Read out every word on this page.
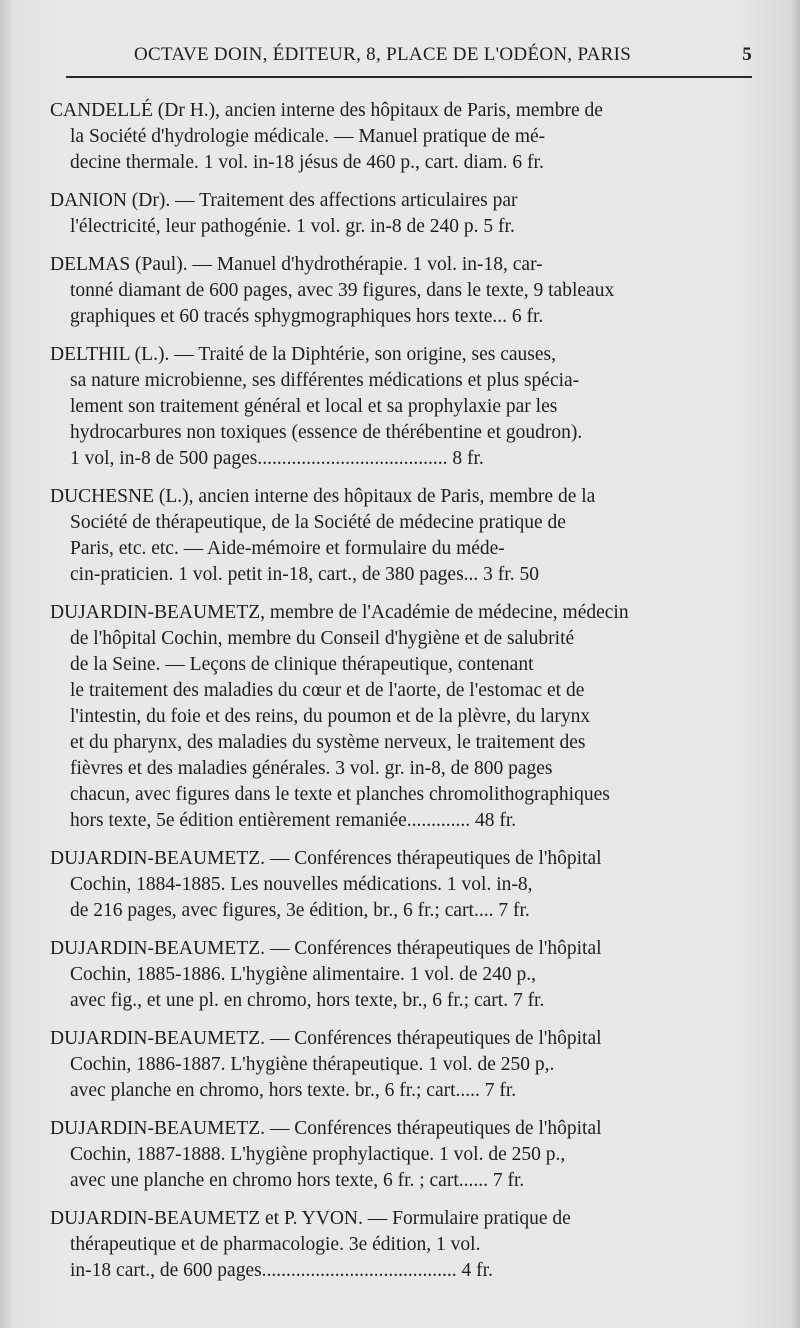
OCTAVE DOIN, ÉDITEUR, 8, PLACE DE L'ODÉON, PARIS	5
CANDELLÉ (Dr H.), ancien interne des hôpitaux de Paris, membre de
la Société d'hydrologie médicale. — Manuel pratique de mé-
decine thermale. 1 vol. in-18 jésus de 460 p., cart. diam. 6 fr.
DANION (Dr). — Traitement des affections articulaires par
l'électricité, leur pathogénie. 1 vol. gr. in-8 de 240 p. 5 fr.
DELMAS (Paul). — Manuel d'hydrothérapie. 1 vol. in-18, car-
tonné diamant de 600 pages, avec 39 figures, dans le texte, 9 tableaux
graphiques et 60 tracés sphygmographiques hors texte... 6 fr.
DELTHIL (L.). — Traité de la Diphtérie, son origine, ses causes,
sa nature microbienne, ses différentes médications et plus spécia-
lement son traitement général et local et sa prophylaxie par les
hydrocarbures non toxiques (essence de thérébentine et goudron).
1 vol, in-8 de 500 pages....................................... 8 fr.
DUCHESNE (L.), ancien interne des hôpitaux de Paris, membre de la
Société de thérapeutique, de la Société de médecine pratique de
Paris, etc. etc. — Aide-mémoire et formulaire du méde-
cin-praticien. 1 vol. petit in-18, cart., de 380 pages... 3 fr. 50
DUJARDIN-BEAUMETZ, membre de l'Académie de médecine, médecin
de l'hôpital Cochin, membre du Conseil d'hygiène et de salubrité
de la Seine. — Leçons de clinique thérapeutique, contenant
le traitement des maladies du cœur et de l'aorte, de l'estomac et de
l'intestin, du foie et des reins, du poumon et de la plèvre, du larynx
et du pharynx, des maladies du système nerveux, le traitement des
fièvres et des maladies générales. 3 vol. gr. in-8, de 800 pages
chacun, avec figures dans le texte et planches chromolithographiques
hors texte, 5e édition entièrement remaniée............. 48 fr.
DUJARDIN-BEAUMETZ. — Conférences thérapeutiques de l'hôpital
Cochin, 1884-1885. Les nouvelles médications. 1 vol. in-8,
de 216 pages, avec figures, 3e édition, br., 6 fr.; cart.... 7 fr.
DUJARDIN-BEAUMETZ. — Conférences thérapeutiques de l'hôpital
Cochin, 1885-1886. L'hygiène alimentaire. 1 vol. de 240 p.,
avec fig., et une pl. en chromo, hors texte, br., 6 fr.; cart. 7 fr.
DUJARDIN-BEAUMETZ. — Conférences thérapeutiques de l'hôpital
Cochin, 1886-1887. L'hygiène thérapeutique. 1 vol. de 250 p,.
avec planche en chromo, hors texte. br., 6 fr.; cart..... 7 fr.
DUJARDIN-BEAUMETZ. — Conférences thérapeutiques de l'hôpital
Cochin, 1887-1888. L'hygiène prophylactique. 1 vol. de 250 p.,
avec une planche en chromo hors texte, 6 fr. ; cart...... 7 fr.
DUJARDIN-BEAUMETZ et P. YVON. — Formulaire pratique de
thérapeutique et de pharmacologie. 3e édition, 1 vol.
in-18 cart., de 600 pages........................................ 4 fr.
